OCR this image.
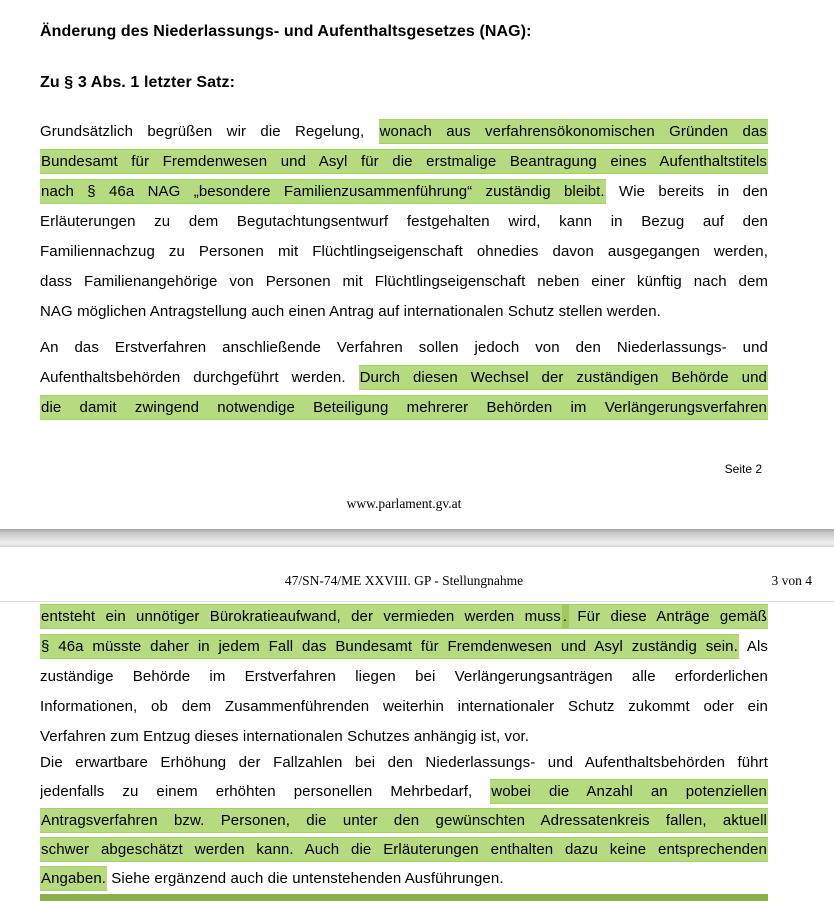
Änderung des Niederlassungs- und Aufenthaltsgesetzes (NAG):
Zu § 3 Abs. 1 letzter Satz:
Grundsätzlich begrüßen wir die Regelung, wonach aus verfahrensökonomischen Gründen das
Bundesamt für Fremdenwesen und Asyl für die erstmalige Beantragung eines Aufenthaltstitels
nach § 46a NAG „besondere Familienzusammenführung“ zuständig bleibt. Wie bereits in den
Erläuterungen zu dem Begutachtungsentwurf festgehalten wird, kann in Bezug auf den
Familiennachzug zu Personen mit Flüchtlingseigenschaft ohnedies davon ausgegangen werden,
dass Familienangehörige von Personen mit Flüchtlingseigenschaft neben einer künftig nach dem
NAG möglichen Antragstellung auch einen Antrag auf internationalen Schutz stellen werden.
An das Erstverfahren anschließende Verfahren sollen jedoch von den Niederlassungs- und
Aufenthaltsbehörden durchgeführt werden. Durch diesen Wechsel der zuständigen Behörde und
die damit zwingend notwendige Beteiligung mehrerer Behörden im Verlängerungsverfahren
Seite 2
www.parlament.gv.at
47/SN-74/ME XXVIII. GP - Stellungnahme	3 von 4
entsteht ein unnötiger Bürokratieaufwand, der vermieden werden muss . Für diese Anträge gemäß
§ 46a müsste daher in jedem Fall das Bundesamt für Fremdenwesen und Asyl zuständig sein. Als
zuständige Behörde im Erstverfahren liegen bei Verlängerungsanträgen alle erforderlichen
Informationen, ob dem Zusammenführenden weiterhin internationaler Schutz zukommt oder ein
Verfahren zum Entzug dieses internationalen Schutzes anhängig ist, vor.
Die erwartbare Erhöhung der Fallzahlen bei den Niederlassungs- und Aufenthaltsbehörden führt
jedenfalls zu einem erhöhten personellen Mehrbedarf, wobei die Anzahl an potenziellen
Antragsverfahren bzw. Personen, die unter den gewünschten Adressatenkreis fallen, aktuell
schwer abgeschätzt werden kann. Auch die Erläuterungen enthalten dazu keine entsprechenden
Angaben. Siehe ergänzend auch die untenstehenden Ausführungen.
